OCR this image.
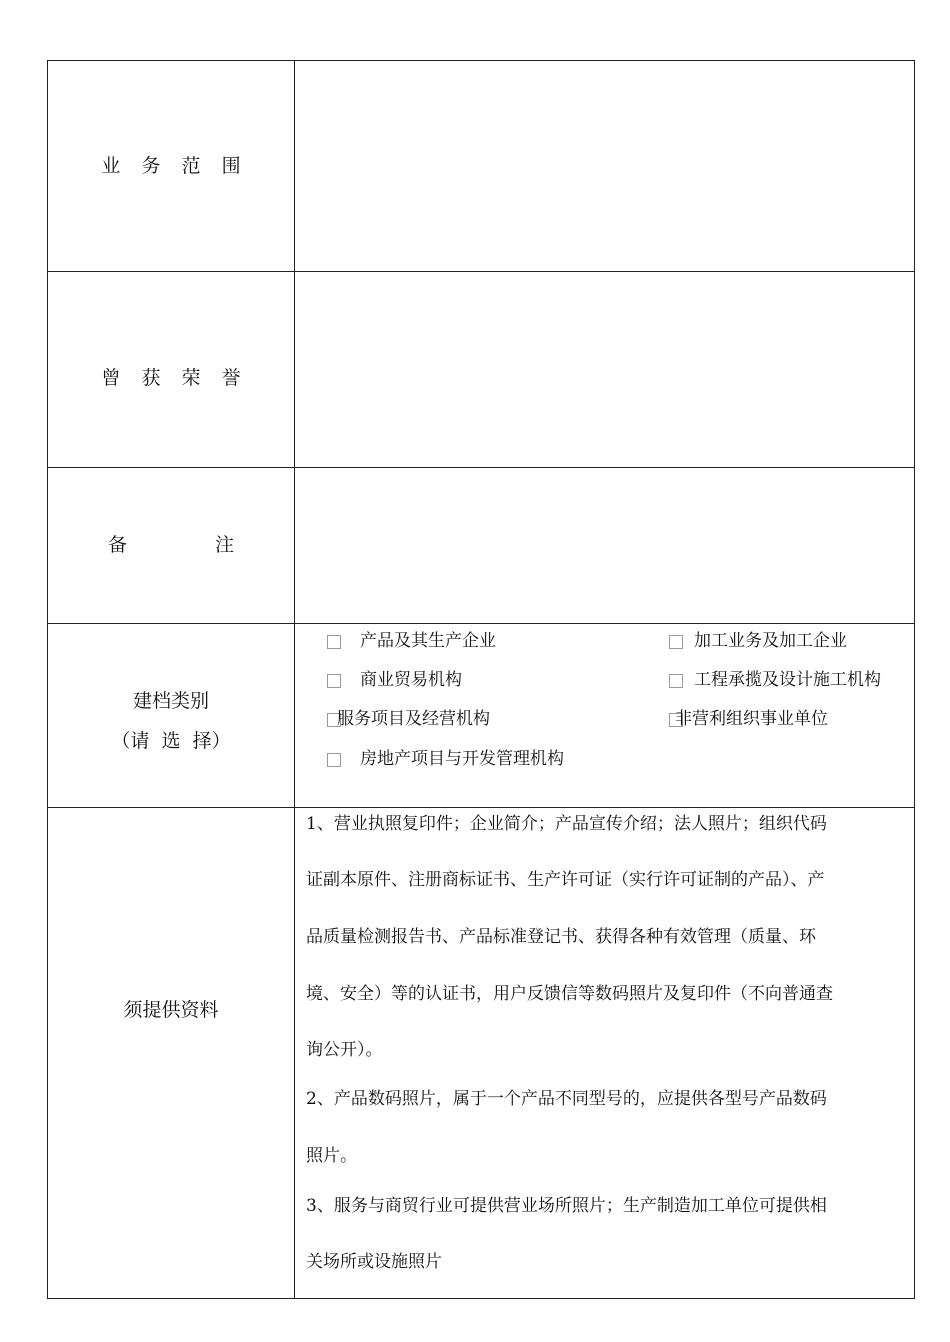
业 务 范 围
曾 获 荣 誉
备	注
建档类别
（请  选  择）
产品及其生产企业	加工业务及加工企业
商业贸易机构	工程承揽及设计施工机构
服务项目及经营机构	非营利组织事业单位
房地产项目与开发管理机构
须提供资料
1、营业执照复印件；企业简介；产品宣传介绍；法人照片；组织代码
证副本原件、注册商标证书、生产许可证（实行许可证制的产品）、产
品质量检测报告书、产品标准登记书、获得各种有效管理（质量、环
境、安全）等的认证书，用户反馈信等数码照片及复印件（不向普通查
询公开）。
2、产品数码照片，属于一个产品不同型号的，应提供各型号产品数码
照片。
3、服务与商贸行业可提供营业场所照片；生产制造加工单位可提供相
关场所或设施照片
